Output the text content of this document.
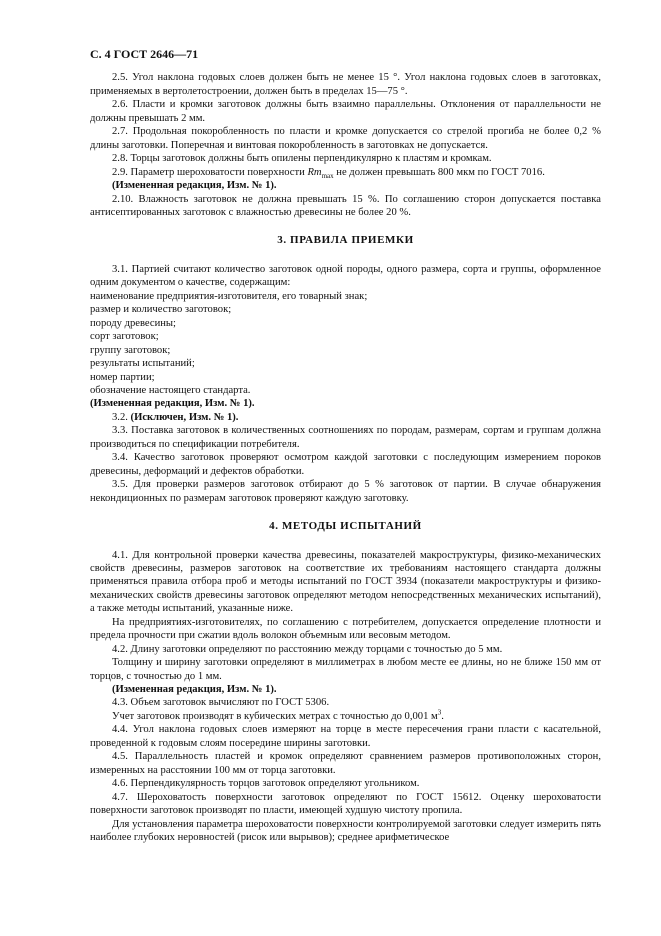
С. 4 ГОСТ 2646—71

2.5. Угол наклона годовых слоев должен быть не менее 15 °. Угол наклона годовых слоев в заготовках, применяемых в вертолетостроении, должен быть в пределах 15—75 °.

2.6. Пласти и кромки заготовок должны быть взаимно параллельны. Отклонения от параллельности не должны превышать 2 мм.

2.7. Продольная покоробленность по пласти и кромке допускается со стрелой прогиба не более 0,2 % длины заготовки. Поперечная и винтовая покоробленность в заготовках не допускается.

2.8. Торцы заготовок должны быть опилены перпендикулярно к пластям и кромкам.

2.9. Параметр шероховатости поверхности $Rm_{max}$ не должен превышать 800 мкм по ГОСТ 7016.

(Измененная редакция, Изм. № 1).

2.10. Влажность заготовок не должна превышать 15 %. По соглашению сторон допускается поставка антисептированных заготовок с влажностью древесины не более 20 %.

3. ПРАВИЛА ПРИЕМКИ

3.1. Партией считают количество заготовок одной породы, одного размера, сорта и группы, оформленное одним документом о качестве, содержащим:

наименование предприятия-изготовителя, его товарный знак;

размер и количество заготовок;

породу древесины;

сорт заготовок;

группу заготовок;

результаты испытаний;

номер партии;

обозначение настоящего стандарта.

(Измененная редакция, Изм. № 1).

3.2. (Исключен, Изм. № 1).

3.3. Поставка заготовок в количественных соотношениях по породам, размерам, сортам и группам должна производиться по спецификации потребителя.

3.4. Качество заготовок проверяют осмотром каждой заготовки с последующим измерением пороков древесины, деформаций и дефектов обработки.

3.5. Для проверки размеров заготовок отбирают до 5 % заготовок от партии. В случае обнаружения некондиционных по размерам заготовок проверяют каждую заготовку.

4. МЕТОДЫ ИСПЫТАНИЙ

4.1. Для контрольной проверки качества древесины, показателей макроструктуры, физико-механических свойств древесины, размеров заготовок на соответствие их требованиям настоящего стандарта должны применяться правила отбора проб и методы испытаний по ГОСТ 3934 (показатели макроструктуры и физико-механических свойств древесины заготовок определяют методом непосредственных механических испытаний), а также методы испытаний, указанные ниже.

На предприятиях-изготовителях, по соглашению с потребителем, допускается определение плотности и предела прочности при сжатии вдоль волокон объемным или весовым методом.

4.2. Длину заготовки определяют по расстоянию между торцами с точностью до 5 мм.

Толщину и ширину заготовки определяют в миллиметрах в любом месте ее длины, но не ближе 150 мм от торцов, с точностью до 1 мм.

(Измененная редакция, Изм. № 1).

4.3. Объем заготовок вычисляют по ГОСТ 5306.

Учет заготовок производят в кубических метрах с точностью до 0,001 $м^3$.

4.4. Угол наклона годовых слоев измеряют на торце в месте пересечения грани пласти с касательной, проведенной к годовым слоям посередине ширины заготовки.

4.5. Параллельность пластей и кромок определяют сравнением размеров противоположных сторон, измеренных на расстоянии 100 мм от торца заготовки.

4.6. Перпендикулярность торцов заготовок определяют угольником.

4.7. Шероховатость поверхности заготовок определяют по ГОСТ 15612. Оценку шероховатости поверхности заготовок производят по пласти, имеющей худшую чистоту пропила.

Для установления параметра шероховатости поверхности контролируемой заготовки следует измерить пять наиболее глубоких неровностей (рисок или вырывов); среднее арифметическое
